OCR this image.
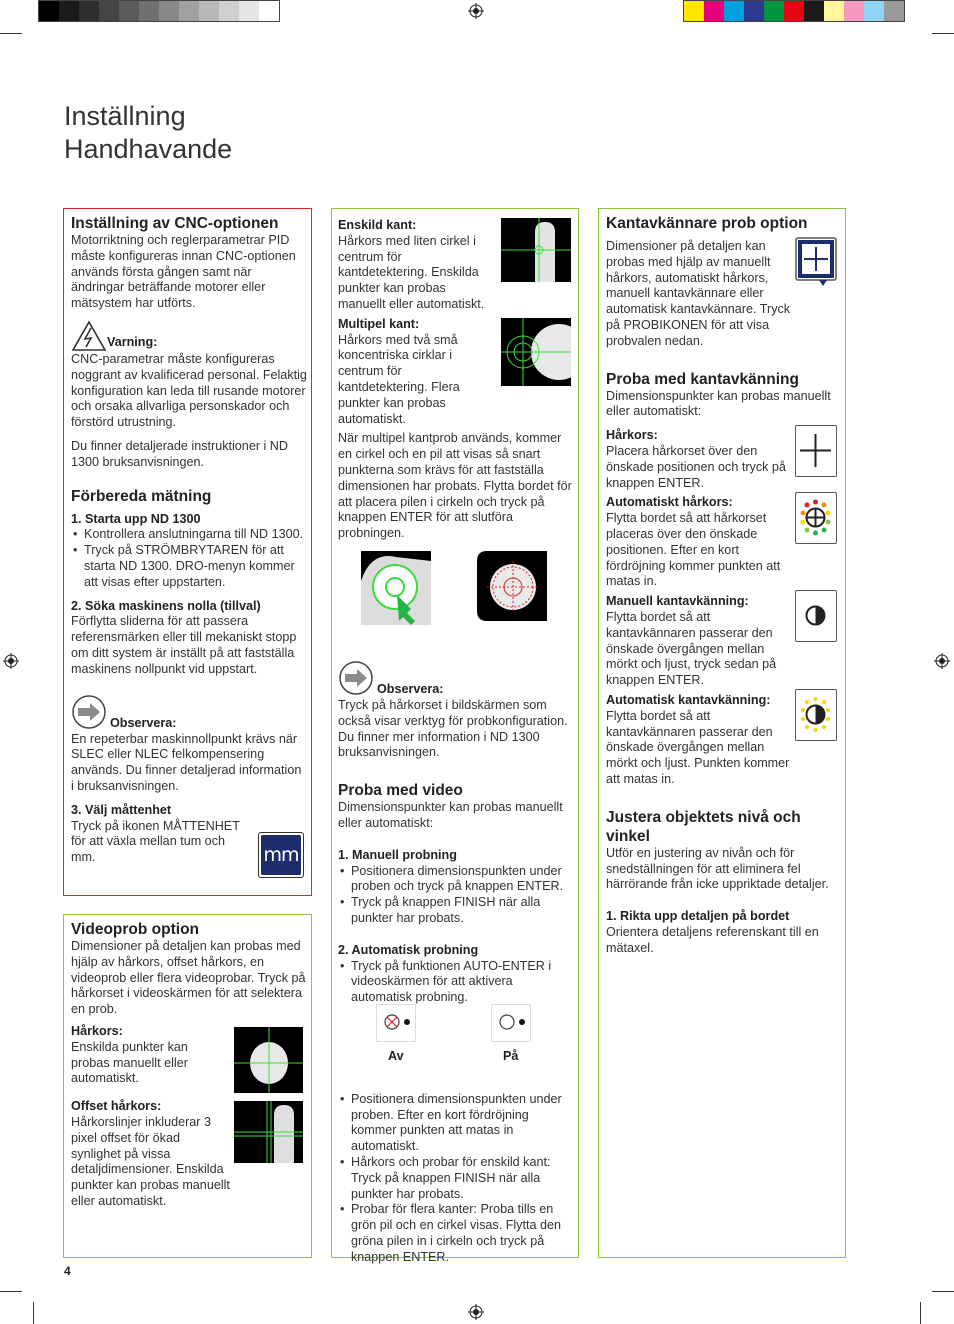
Inställning
Handhavande

Inställning av CNC-optionen

Motorriktning och reglerparametrar PID måste konfigureras innan CNC-optionen används första gången samt när ändringar beträffande motorer eller mätsystem har utförts.

Varning:

CNC-parametrar måste konfigureras noggrant av kvalificerad personal. Felaktig konfiguration kan leda till rusande motorer och orsaka allvarliga personskador och förstörd utrustning.

Du finner detaljerade instruktioner i ND 1300 bruksanvisningen.

Förbereda mätning

1. Starta upp ND 1300

• Kontrollera anslutningarna till ND 1300.
• Tryck på STRÖMBRYTAREN för att starta ND 1300. DRO-menyn kommer att visas efter uppstarten.

2. Söka maskinens nolla (tillval)

Förflytta sliderna för att passera referensmärken eller till mekaniskt stopp om ditt system är inställt på att fastställa maskinens nollpunkt vid uppstart.

Observera:

En repeterbar maskinnollpunkt krävs när SLEC eller NLEC felkompensering används. Du finner detaljerad information i bruksanvisningen.

3. Välj måttenhet

Tryck på ikonen MÅTTENHET för att växla mellan tum och mm.	mm

Videoprob option

Dimensioner på detaljen kan probas med hjälp av hårkors, offset hårkors, en videoprob eller flera videoprobar. Tryck på hårkorset i videoskärmen för att selektera en prob.

Hårkors:

Enskilda punkter kan probas manuellt eller automatiskt.

Offset hårkors:

Hårkorslinjer inkluderar 3 pixel offset för ökad synlighet på vissa detaljdimensioner. Enskilda punkter kan probas manuellt eller automatiskt.

Enskild kant:

Hårkors med liten cirkel i centrum för kantdetektering. Enskilda punkter kan probas manuellt eller automatiskt.

Multipel kant:

Hårkors med två små koncentriska cirklar i centrum för kantdetektering. Flera punkter kan probas automatiskt.

När multipel kantprob används, kommer en cirkel och en pil att visas så snart punkterna som krävs för att fastställa dimensionen har probats. Flytta bordet för att placera pilen i cirkeln och tryck på knappen ENTER för att slutföra probningen.

Observera:

Tryck på hårkorset i bildskärmen som också visar verktyg för probkonfiguration. Du finner mer information i ND 1300 bruksanvisningen.

Proba med video

Dimensionspunkter kan probas manuellt eller automatiskt:

1. Manuell probning

• Positionera dimensionspunkten under proben och tryck på knappen ENTER.
• Tryck på knappen FINISH när alla punkter har probats.

2. Automatisk probning

• Tryck på funktionen AUTO-ENTER i videoskärmen för att aktivera automatisk probning.
• Positionera dimensionspunkten under proben. Efter en kort fördröjning kommer punkten att matas in automatiskt.
• Hårkors och probar för enskild kant: Tryck på knappen FINISH när alla punkter har probats.
• Probar för flera kanter: Proba tills en grön pil och en cirkel visas. Flytta den gröna pilen in i cirkeln och tryck på knappen ENTER.
Av	På

Kantavkännare prob option

Dimensioner på detaljen kan probas med hjälp av manuellt hårkors, automatiskt hårkors, manuell kantavkännare eller automatisk kantavkännare. Tryck på PROBIKONEN för att visa probvalen nedan.

Proba med kantavkänning

Dimensionspunkter kan probas manuellt eller automatiskt:

Hårkors:

Placera hårkorset över den önskade positionen och tryck på knappen ENTER.

Automatiskt hårkors:

Flytta bordet så att hårkorset placeras över den önskade positionen. Efter en kort fördröjning kommer punkten att matas in.

Manuell kantavkänning:

Flytta bordet så att kantavkännaren passerar den önskade övergången mellan mörkt och ljust, tryck sedan på knappen ENTER.

Automatisk kantavkänning:

Flytta bordet så att kantavkännaren passerar den önskade övergången mellan mörkt och ljust. Punkten kommer att matas in.

Justera objektets nivå och vinkel

Utför en justering av nivån och för snedställningen för att eliminera fel härrörande från icke uppriktade detaljer.

1. Rikta upp detaljen på bordet

Orientera detaljens referenskant till en mätaxel.

4
